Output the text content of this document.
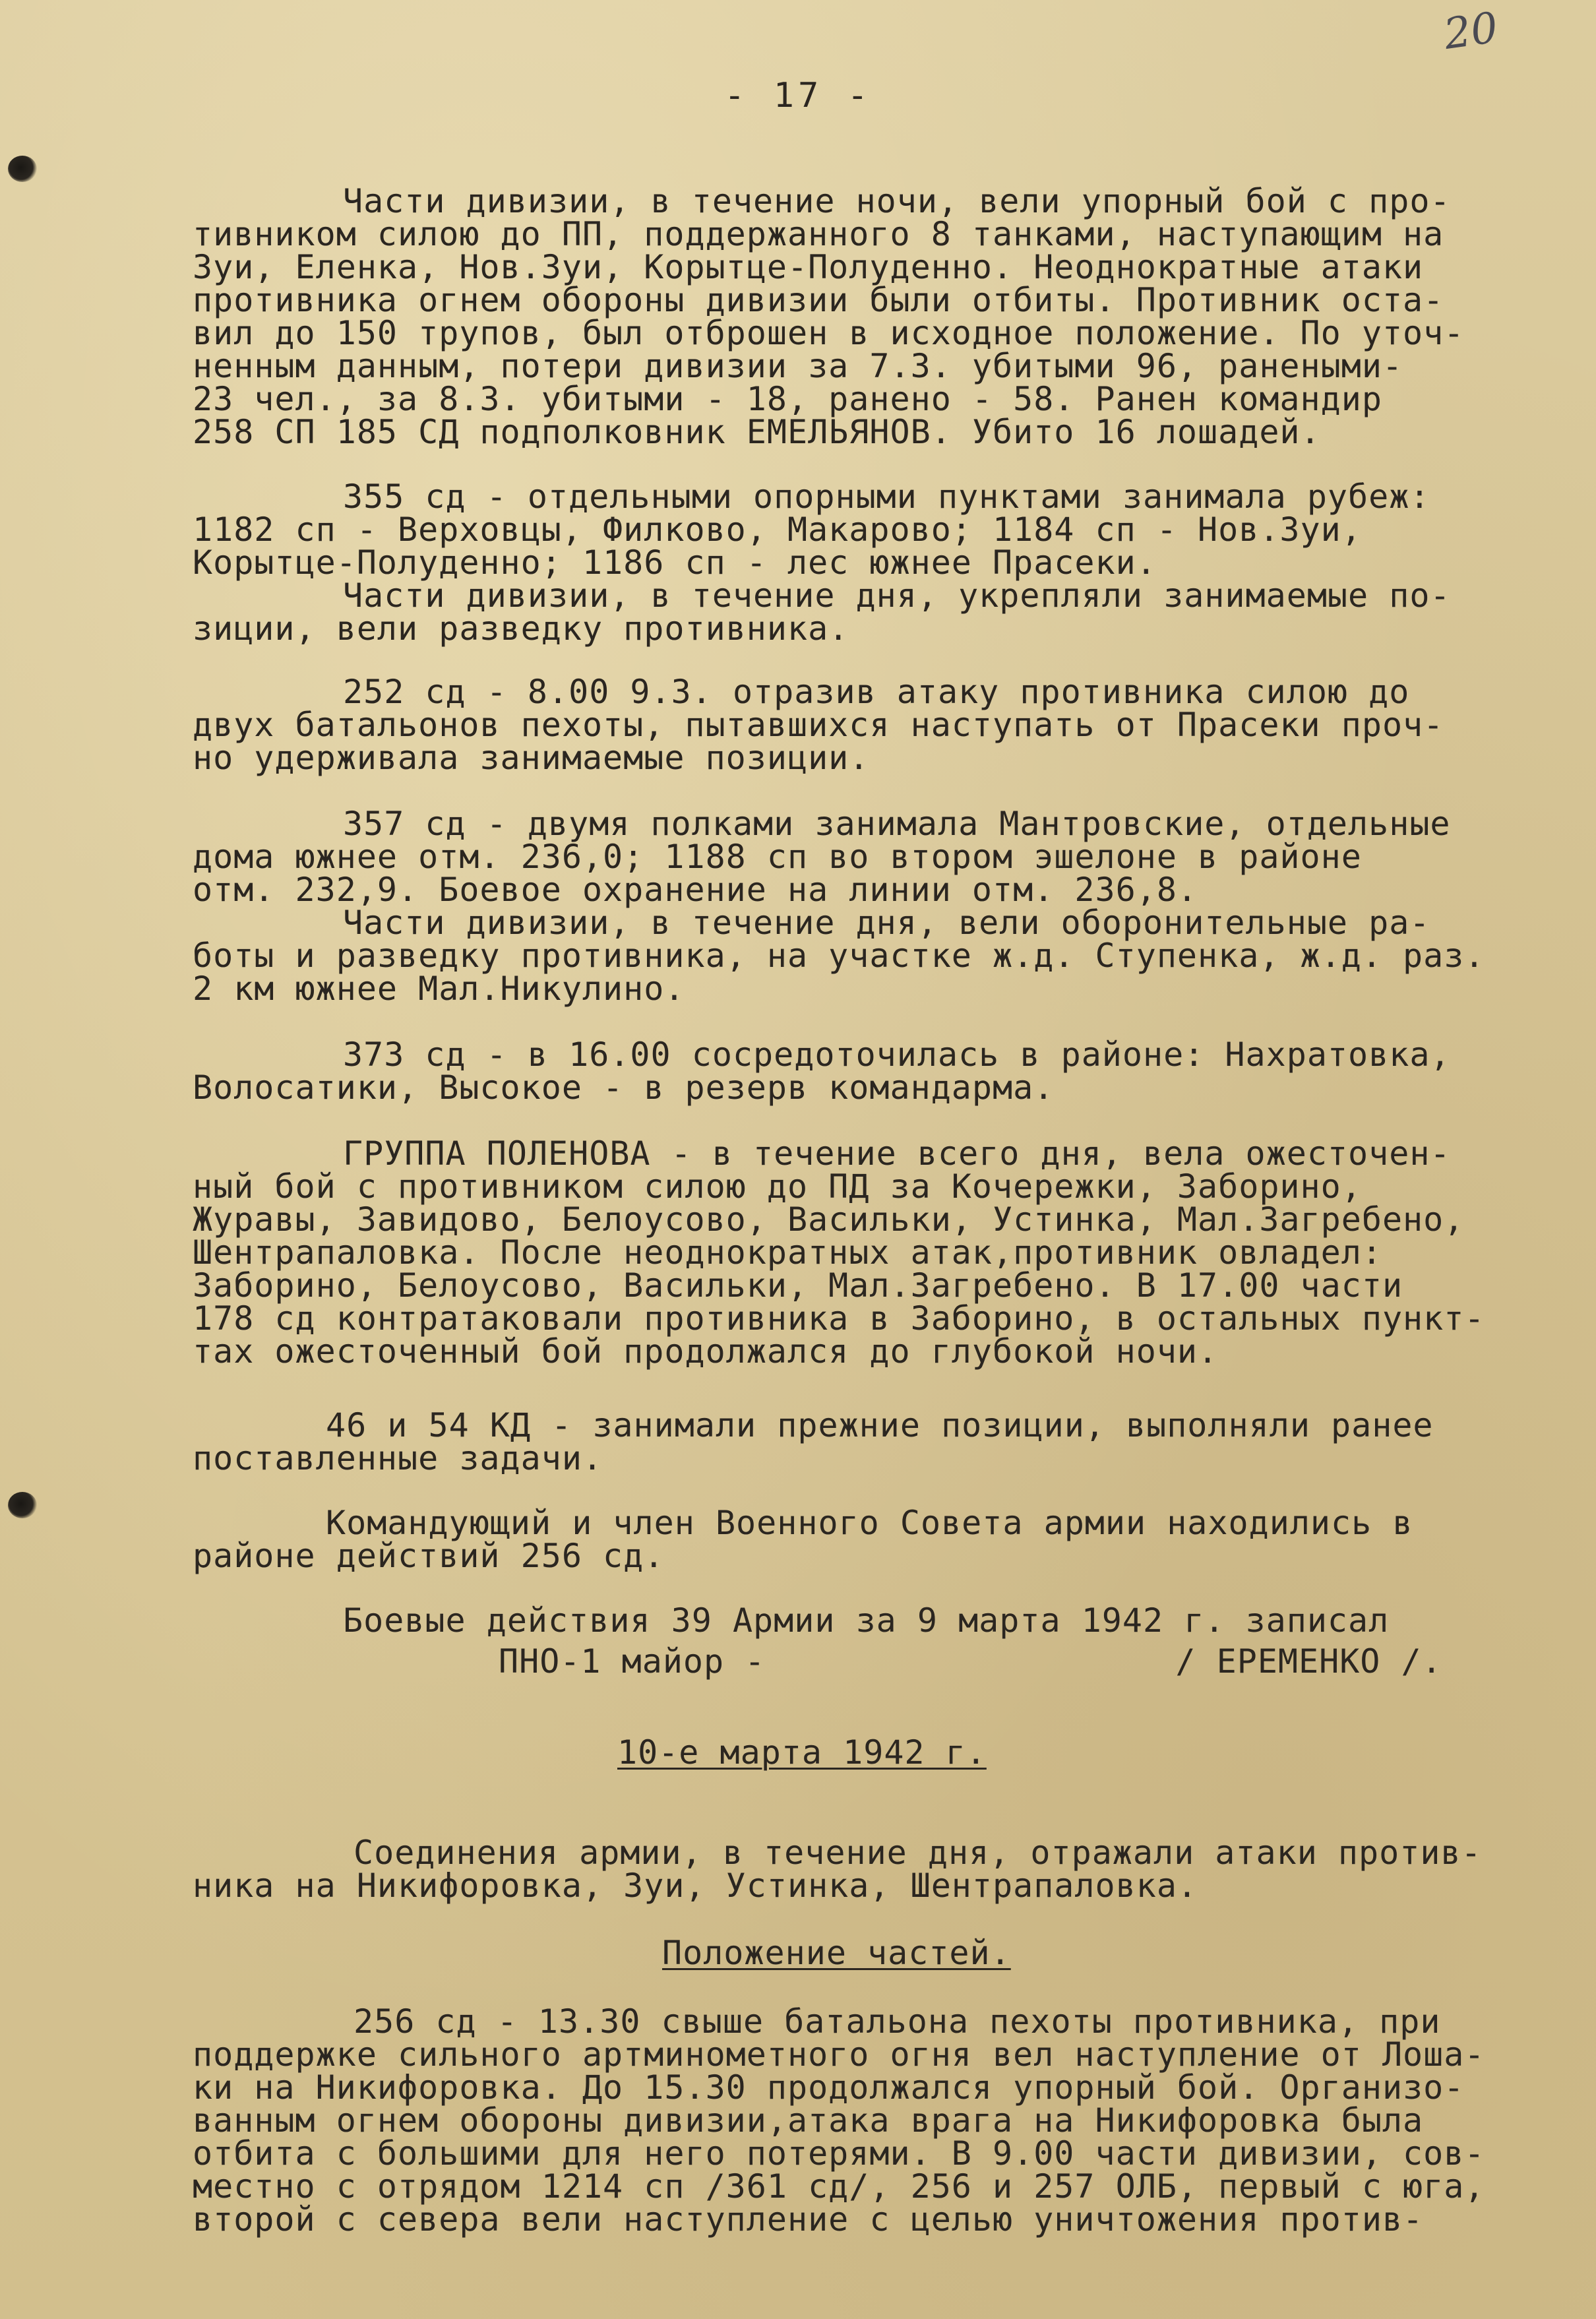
20
- 17 -
Части дивизии, в течение ночи, вели упорный бой с про-
тивником силою до ПП, поддержанного 8 танками, наступающим на
Зуи, Еленка, Нов.Зуи, Корытце-Полуденно. Неоднократные атаки
противника огнем обороны дивизии были отбиты. Противник оста-
вил до 150 трупов, был отброшен в исходное положение. По уточ-
ненным данным, потери дивизии за 7.3. убитыми 96, ранеными-
23 чел., за 8.3. убитыми - 18, ранено - 58. Ранен командир
258 СП 185 СД подполковник ЕМЕЛЬЯНОВ. Убито 16 лошадей.
355 сд - отдельными опорными пунктами занимала рубеж:
1182 сп - Верховцы, Филково, Макарово; 1184 сп - Нов.Зуи,
Корытце-Полуденно; 1186 сп - лес южнее Прасеки.
Части дивизии, в течение дня, укрепляли занимаемые по-
зиции, вели разведку противника.
252 сд - 8.00 9.3. отразив атаку противника силою до
двух батальонов пехоты, пытавшихся наступать от Прасеки проч-
но удерживала занимаемые позиции.
357 сд - двумя полками занимала Мантровские, отдельные
дома южнее отм. 236,0; 1188 сп во втором эшелоне в районе
отм. 232,9. Боевое охранение на линии отм. 236,8.
Части дивизии, в течение дня, вели оборонительные ра-
боты и разведку противника, на участке ж.д. Ступенка, ж.д. раз.
2 км южнее Мал.Никулино.
373 сд - в 16.00 сосредоточилась в районе: Нахратовка,
Волосатики, Высокое - в резерв командарма.
ГРУППА ПОЛЕНОВА - в течение всего дня, вела ожесточен-
ный бой с противником силою до ПД за Кочережки, Заборино,
Журавы, Завидово, Белоусово, Васильки, Устинка, Мал.Загребено,
Шентрапаловка. После неоднократных атак,противник овладел:
Заборино, Белоусово, Васильки, Мал.Загребено. В 17.00 части
178 сд контратаковали противника в Заборино, в остальных пункт-
тах ожесточенный бой продолжался до глубокой ночи.
46 и 54 КД - занимали прежние позиции, выполняли ранее
поставленные задачи.
Командующий и член Военного Совета армии находились в
районе действий 256 сд.
Боевые действия 39 Армии за 9 марта 1942 г. записал
ПНО-1 майор -                    / ЕРЕМЕНКО /.
10-е марта 1942 г.
Соединения армии, в течение дня, отражали атаки против-
ника на Никифоровка, Зуи, Устинка, Шентрапаловка.
Положение частей.
256 сд - 13.30 свыше батальона пехоты противника, при
поддержке сильного артминометного огня вел наступление от Лоша-
ки на Никифоровка. До 15.30 продолжался упорный бой. Организо-
ванным огнем обороны дивизии,атака врага на Никифоровка была
отбита с большими для него потерями. В 9.00 части дивизии, сов-
местно с отрядом 1214 сп /361 сд/, 256 и 257 ОЛБ, первый с юга,
второй с севера вели наступление с целью уничтожения против-
